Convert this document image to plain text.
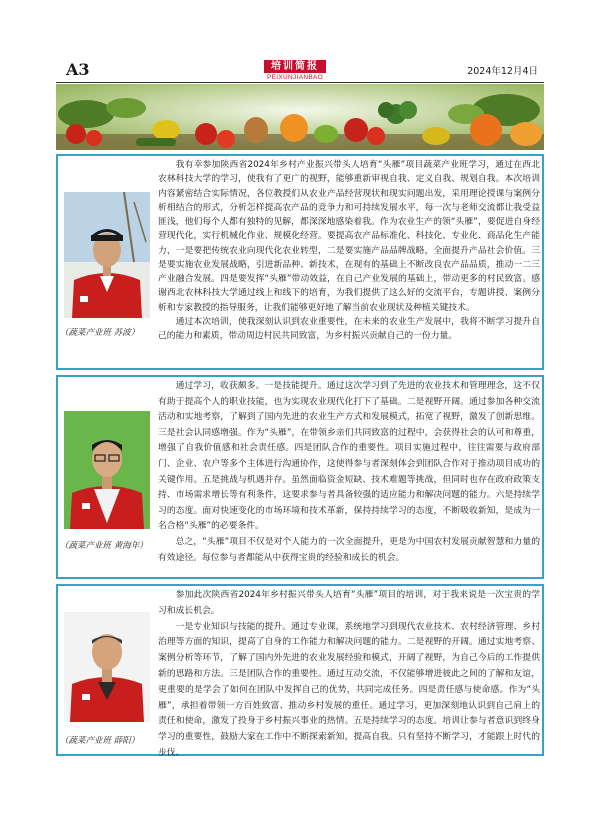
A3	培训简报
PEIXUNJIANBAO
2024年12月4日
（蔬菜产业班 苏波）

我有幸参加陕西省2024年乡村产业振兴带头人培育“头雁”项目蔬菜产业班学习，通过在西北农林科技大学的学习，使我有了更广的视野，能够重新审视自我、定义自我、规划自我。本次培训内容紧密结合实际情况，各位教授们从农业产品经营现状和现实问题出发，采用理论授课与案例分析相结合的形式，分析怎样提高农产品的竞争力和可持续发展水平，每一次与老师交流都让我受益匪浅，他们每个人都有独特的见解，都深深地感染着我。作为农业生产的领“头雁”，要促进自身经营现代化，实行机械化作业、规模化经营。要提高农产品标准化、科技化、专业化、商品化生产能力，一是要把传统农业向现代化农业转型，二是要实施产品品牌战略，全面提升产品社会价值。三是要实施农业发展战略，引进新品种、新技术，在现有的基础上不断改良农产品品质，推动一二三产业融合发展。四是要发挥“头雁”带动效益，在自己产业发展的基础上，带动更多的村民致富。感谢西北农林科技大学通过线上和线下的培育，为我们提供了这么好的交流平台，专题讲授、案例分析和专家教授的指导服务，让我们能够更好地了解当前农业现状及种植关键技术。

通过本次培训，使我深刻认识到农业重要性，在未来的农业生产发展中，我将不断学习提升自己的能力和素质，带动周边村民共同致富，为乡村振兴贡献自己的一份力量。

（蔬菜产业班 黄海年）

通过学习，收获颇多。一是技能提升。通过这次学习到了先进的农业技术和管理理念，这不仅有助于提高个人的职业技能，也为实现农业现代化打下了基础。二是视野开阔。通过参加各种交流活动和实地考察，了解到了国内先进的农业生产方式和发展模式，拓宽了视野，激发了创新思维。三是社会认同感增强。作为“头雁”，在带领乡亲们共同致富的过程中，会获得社会的认可和尊重，增强了自我价值感和社会责任感。四是团队合作的重要性。项目实施过程中，往往需要与政府部门、企业、农户等多个主体进行沟通协作，这使得参与者深刻体会到团队合作对于推动项目成功的关键作用。五是挑战与机遇并存。虽然面临资金短缺、技术难题等挑战，但同时也存在政府政策支持、市场需求增长等有利条件，这要求参与者具备较强的适应能力和解决问题的能力。六是持续学习的态度。面对快速变化的市场环境和技术革新，保持持续学习的态度，不断吸收新知，是成为一名合格“头雁”的必要条件。

总之，“头雁”项目不仅是对个人能力的一次全面提升，更是为中国农村发展贡献智慧和力量的有效途径。每位参与者都能从中获得宝贵的经验和成长的机会。

（蔬菜产业班 薛阳）

参加此次陕西省2024年乡村振兴带头人培育“头雁”项目的培训，对于我来说是一次宝贵的学习和成长机会。

一是专业知识与技能的提升。通过专业课，系统地学习到现代农业技术、农村经济管理、乡村治理等方面的知识，提高了自身的工作能力和解决问题的能力。二是视野的开阔。通过实地考察、案例分析等环节，了解了国内外先进的农业发展经验和模式，开阔了视野，为自己今后的工作提供新的思路和方法。三是团队合作的重要性。通过互动交流，不仅能够增进彼此之间的了解和友谊，更重要的是学会了如何在团队中发挥自己的优势，共同完成任务。四是责任感与使命感。作为“头雁”，承担着带领一方百姓致富、推动乡村发展的重任。通过学习，更加深刻地认识到自己肩上的责任和使命，激发了投身于乡村振兴事业的热情。五是持续学习的态度。培训让参与者意识到终身学习的重要性，鼓励大家在工作中不断探索新知，提高自我。只有坚持不断学习，才能跟上时代的步伐。
